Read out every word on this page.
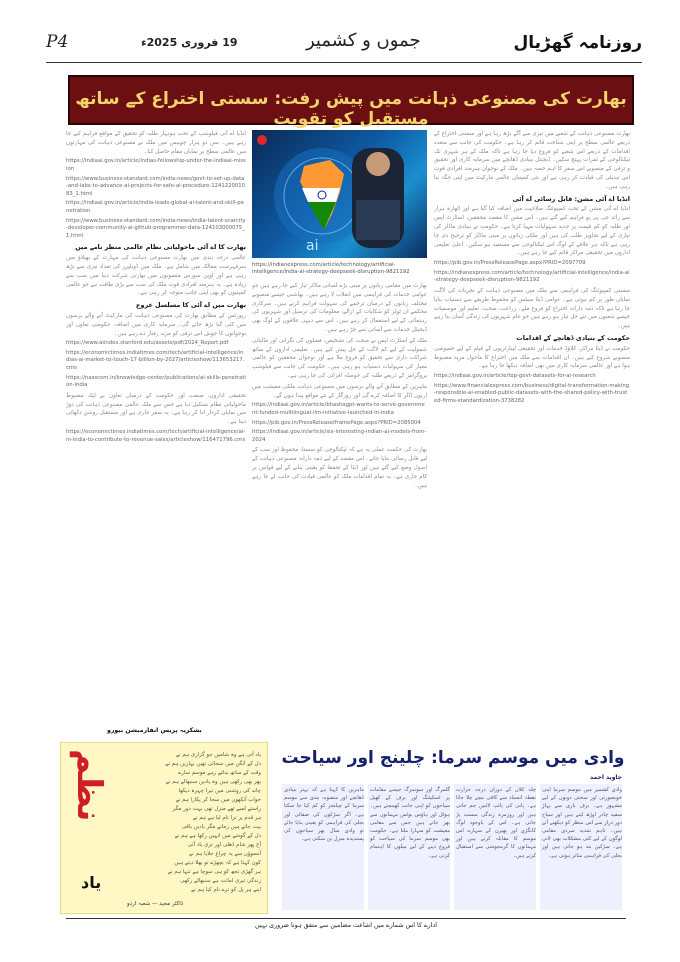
P4	19 فروری 2025ء	جموں و کشمیر	روزنامہ گھڑیال
بھارت کی مصنوعی ذہانت میں پیش رفت: سستی اختراع کے ساتھ مستقبل کو تقویت

بھارت مصنوعی ذہانت کے شعبے میں تیزی سے آگے بڑھ رہا ہے اور سستی اختراع کے ذریعے عالمی سطح پر اپنی شناخت قائم کر رہا ہے۔ حکومت کی جانب سے متعدد اقدامات کے ذریعے اس شعبے کو فروغ دیا جا رہا ہے تاکہ ملک کے ہر شہری تک ٹیکنالوجی کے ثمرات پہنچ سکیں۔ ڈیجیٹل بنیادی ڈھانچے میں سرمایہ کاری اور تحقیق و ترقی کے منصوبے اس سفر کا اہم حصہ ہیں۔ ملک کے نوجوان ہنرمند افرادی قوت اس تبدیلی کی قیادت کر رہی ہے اور نئی کمپنیاں عالمی مارکیٹ میں اپنی جگہ بنا رہی ہیں۔

انڈیا اے آئی مشن: قابل رسائی اے آئی

انڈیا اے آئی مشن کے تحت کمپیوٹنگ صلاحیت میں اضافہ کیا گیا ہے اور اٹھارہ ہزار سے زائد جی پی یو فراہم کیے گئے ہیں۔ اس مشن کا مقصد محققین، اسٹارٹ اپس اور طلبہ کو کم قیمت پر جدید سہولیات مہیا کرنا ہے۔ حکومت نے بنیادی ماڈلز کی تیاری کے لیے تجاویز طلب کی ہیں اور ملکی زبانوں پر مبنی ماڈلز کو ترجیح دی جا رہی ہے تاکہ ہر علاقے کے لوگ اس ٹیکنالوجی سے مستفید ہو سکیں۔ اعلیٰ تعلیمی اداروں میں تحقیقی مراکز قائم کیے جا رہے ہیں۔

https://pib.gov.in/PressReleasePage.aspx?PRID=2097709

https://indianexpress.com/article/technology/artificial-intelligence/india-ai-strategy-deepseek-disruption-9821192

سستی کمپیوٹنگ کی فراہمی سے ملک میں مصنوعی ذہانت کے تجربات کی لاگت نمایاں طور پر کم ہوئی ہے۔ عوامی ڈیٹا سیٹس کو محفوظ طریقے سے دستیاب بنایا جا رہا ہے تاکہ ذمہ دارانہ اختراع کو فروغ ملے۔ زراعت، صحت، تعلیم اور موسمیات جیسے شعبوں میں نئے حل تیار ہو رہے ہیں جو عام شہریوں کی زندگی آسان بنا رہے ہیں۔

حکومت کے بنیادی ڈھانچے کے اقدامات

حکومت نے ڈیٹا مراکز، کلاؤڈ خدمات اور تحقیقی لیبارٹریوں کے قیام کے لیے خصوصی منصوبے شروع کیے ہیں۔ ان اقدامات سے ملک میں اختراع کا ماحول مزید مضبوط ہوا ہے اور عالمی سرمایہ کاری میں بھی اضافہ دیکھا جا رہا ہے۔

https://indiaai.gov.in/article/top-govt-datasets-for-ai-research

https://www.financialexpress.com/business/digital-transformation-making-responsible-ai-enabled-public-datasets-with-the-shared-policy-with-trusted-firms-standardization-3738282

ai
https://indianexpress.com/article/technology/artificial-intelligence/india-ai-strategy-deepseek-disruption-9821192

بھارت میں مقامی زبانوں پر مبنی بڑے لسانی ماڈلز تیار کیے جا رہے ہیں جو عوامی خدمات کی فراہمی میں انقلاب لا رہے ہیں۔ بھاشنی جیسے منصوبے مختلف زبانوں کے درمیان ترجمے کی سہولت فراہم کرتے ہیں۔ سرکاری محکمے ان ٹولز کو شکایات کے ازالے، معلومات کی ترسیل اور شہریوں کی رہنمائی کے لیے استعمال کر رہے ہیں۔ اس سے دیہی علاقوں کے لوگ بھی ڈیجیٹل خدمات سے آسانی سے جڑ رہے ہیں۔

ملک کے اسٹارٹ اپس نے صحت کی تشخیص، فصلوں کی نگرانی اور مالیاتی شمولیت کے لیے کم لاگت کے حل پیش کیے ہیں۔ تعلیمی اداروں کے ساتھ شراکت داری سے تحقیق کو فروغ ملا ہے اور نوجوان محققین کو عالمی معیار کی سہولیات دستیاب ہو رہی ہیں۔ حکومت کی جانب سے فیلوشپ پروگرامز کے ذریعے طلبہ کی حوصلہ افزائی کی جا رہی ہے۔

ماہرین کے مطابق آنے والے برسوں میں مصنوعی ذہانت ملکی معیشت میں اربوں ڈالر کا اضافہ کرے گی اور روزگار کے نئے مواقع پیدا ہوں گے۔

https://indiaai.gov.in/article/bhashagpt-wants-to-serve-government-funded-multilingual-llm-initiative-launched-in-india

https://pib.gov.in/PressReleaseIframePage.aspx?PRID=2085004

https://indiaai.gov.in/article/six-interesting-indian-ai-models-from-2024

بھارت کی حکمت عملی یہ ہے کہ ٹیکنالوجی کو سستا، محفوظ اور سب کے لیے قابل رسائی بنایا جائے۔ اس مقصد کے لیے ذمہ دارانہ مصنوعی ذہانت کے اصول وضع کیے گئے ہیں اور ڈیٹا کے تحفظ کو یقینی بنانے کے لیے قوانین پر کام جاری ہے۔ یہ تمام اقدامات ملک کو عالمی قیادت کی جانب لے جا رہے ہیں۔

انڈیا اے آئی فیلوشپ کے تحت ہونہار طلبہ کو تحقیق کے مواقع فراہم کیے جا رہے ہیں۔ سن دو ہزار چوبیس میں ملک نے مصنوعی ذہانت کی مہارتوں میں عالمی سطح پر نمایاں مقام حاصل کیا۔

https://indiaai.gov.in/article/indias-fellowship-under-the-indiaai-mission

https://www.business-standard.com/india-news/govt-to-set-up-data-and-labs-to-advance-ai-projects-for-safe-ai-procedure-124122001083_1.html

https://indiaai.gov.in/article/india-leads-global-ai-talent-and-skill-penetration

https://www.business-standard.com/india-news/india-talent-scarcity-developer-community-ai-github-programmer-data-124103000075_1.html

بھارت کا اے آئی ماحولیاتی نظام عالمی منظر نامے میں

عالمی درجہ بندی میں بھارت مصنوعی ذہانت کی مہارت کے پھیلاؤ میں سرفہرست ممالک میں شامل ہے۔ ملک میں ڈویلپرز کی تعداد تیزی سے بڑھ رہی ہے اور اوپن سورس منصوبوں میں بھارتی شرکت دنیا میں سب سے زیادہ ہے۔ یہ ہنرمند افرادی قوت ملک کی سب سے بڑی طاقت ہے جو عالمی کمپنیوں کو بھی اپنی جانب متوجہ کر رہی ہے۔

بھارت میں اے آئی کا مسلسل عروج

رپورٹس کے مطابق بھارت کی مصنوعی ذہانت کی مارکیٹ آنے والے برسوں میں کئی گنا بڑھ جائے گی۔ سرمایہ کاری میں اضافہ، حکومتی تعاون اور نوجوانوں کا جوش اس ترقی کو مزید رفتار دے رہے ہیں۔

https://www.aiindex.stanford.edu/assets/pdf/2024_Report.pdf

https://economictimes.indiatimes.com/tech/artificial-intelligence/indias-ai-market-to-touch-17-billion-by-2027/articleshow/113653217.cms

https://nasscom.in/knowledge-center/publications/ai-skills-penetration-india

تحقیقی اداروں، صنعت اور حکومت کے درمیان تعاون نے ایک مضبوط ماحولیاتی نظام تشکیل دیا ہے جس سے ملک عالمی مصنوعی ذہانت کی دوڑ میں نمایاں کردار ادا کر رہا ہے۔ یہ سفر جاری ہے اور مستقبل روشن دکھائی دیتا ہے۔

https://economictimes.indiatimes.com/tech/artificial-intelligence/ai-in-india-to-contribute-to-revenue-sales/articleshow/116471796.cms

بشکریہ پریس انفارمیشن بیورو
نظم
یاد
یاد آتی ہے وہ شامیں جو گزاری ہم نے
دل کے آنگن میں سجائی تھیں بہاریں ہم نے
وقت کے ساتھ بدلتے رہے موسم سارے
پھر بھی رکھی ہیں وہ یادیں سنبھالے ہم نے
چاند کی روشنی میں تیرا چہرہ دیکھا
خواب آنکھوں میں سجا کر پکارا ہم نے
راستے لمبے تھے منزل تھی بہت دور مگر
ہر قدم پر ترا نام لیا ہے ہم نے
بیت جاتے ہیں زمانے مگر یادیں باقی
دل کے گوشے میں انہیں رکھا ہے ہم نے
آج پھر شام ڈھلی اور تری یاد آئی
آنسوؤں سے یہ چراغ جلایا ہم نے
کون کہتا ہے کہ بچھڑے تو بھلا دیتے ہیں
ہر گھڑی تجھ کو ہی سوچا ہے تنہا ہم نے
زندگی تیری امانت ہے سنبھالے رکھی
اپنے ہر پل کو ترے نام کیا ہم نے
ڈاکٹر مجید — شعبہ اردو
وادی میں موسم سرما: چلینج اور سیاحت
جاوید احمد
وادی کشمیر میں موسم سرما اپنی خوبصورتی اور سختی دونوں کے لیے مشہور ہے۔ برف باری سے پہاڑ سفید چادر اوڑھ لیتے ہیں اور سیاح دور دراز سے اس منظر کو دیکھنے آتے ہیں۔ تاہم شدید سردی مقامی لوگوں کے لیے کئی مشکلات بھی لاتی ہے۔ سڑکیں بند ہو جاتی ہیں اور بجلی کی فراہمی متاثر ہوتی ہے۔
چلہ کلاں کے دوران درجہ حرارت نقطہ انجماد سے کافی نیچے چلا جاتا ہے۔ پانی کی پائپ لائنیں جم جاتی ہیں اور روزمرہ زندگی سست پڑ جاتی ہے۔ اس کے باوجود لوگ کانگڑی اور پھیرن کے سہارے اس موسم کا مقابلہ کرتے ہیں اور مہمانوں کا گرمجوشی سے استقبال کرتے ہیں۔
گلمرگ اور سونمرگ جیسے مقامات پر اسکیئنگ اور برف کے کھیل سیاحوں کو اپنی جانب کھینچتے ہیں۔ ہوٹل اور ہاؤس بوٹس مہمانوں سے بھر جاتے ہیں جس سے مقامی معیشت کو سہارا ملتا ہے۔ حکومت بھی موسم سرما کی سیاحت کو فروغ دینے کے لیے میلوں کا اہتمام کرتی ہے۔
ماہرین کا کہنا ہے کہ بہتر بنیادی ڈھانچے اور منصوبہ بندی سے موسم سرما کے چیلنجز کو کم کیا جا سکتا ہے۔ اگر سڑکوں کی صفائی اور بجلی کی فراہمی کو یقینی بنایا جائے تو وادی سال بھر سیاحوں کی پسندیدہ منزل بن سکتی ہے۔
ادارے کا اس شمارے میں اشاعت مضامین سے متفق ہونا ضروری نہیں
